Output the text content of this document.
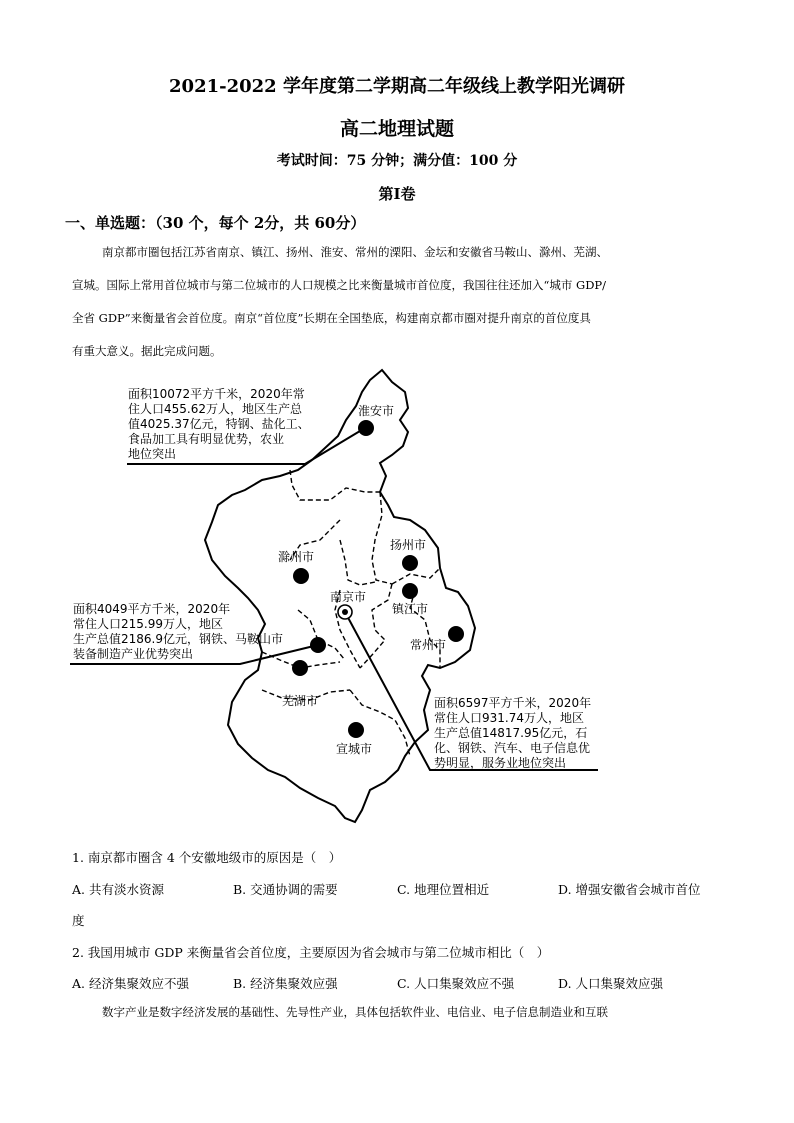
2021-2022 学年度第二学期高二年级线上教学阳光调研
高二地理试题
考试时间：75 分钟；满分值：100 分
第Ⅰ卷
一、单选题：（30 个，每个 2分，共 60分）

南京都市圈包括江苏省南京、镇江、扬州、淮安、常州的溧阳、金坛和安徽省马鞍山、滁州、芜湖、

宣城。国际上常用首位城市与第二位城市的人口规模之比来衡量城市首位度，我国往往还加入“城市 GDP/

全省 GDP”来衡量省会首位度。南京“首位度”长期在全国垫底，构建南京都市圈对提升南京的首位度具

有重大意义。据此完成问题。

面积10072平方千米，2020年常

住人口455.62万人，地区生产总

值4025.37亿元，特钢、盐化工、

食品加工具有明显优势，农业

地位突出

面积4049平方千米，2020年

常住人口215.99万人，地区

生产总值2186.9亿元，钢铁、马鞍山市

装备制造产业优势突出

面积6597平方千米，2020年

常住人口931.74万人，地区

生产总值14817.95亿元，石

化、钢铁、汽车、电子信息优

势明显，服务业地位突出

淮安市
滁州市
扬州市
南京市
镇江市
常州市
芜湖市
宣城市
1. 南京都市圈含 4 个安徽地级市的原因是（　）
A. 共有淡水资源	B. 交通协调的需要	C. 地理位置相近	D. 增强安徽省会城市首位
度
2. 我国用城市 GDP 来衡量省会首位度，主要原因为省会城市与第二位城市相比（　）
A. 经济集聚效应不强	B. 经济集聚效应强	C. 人口集聚效应不强	D. 人口集聚效应强

数字产业是数字经济发展的基础性、先导性产业，具体包括软件业、电信业、电子信息制造业和互联
